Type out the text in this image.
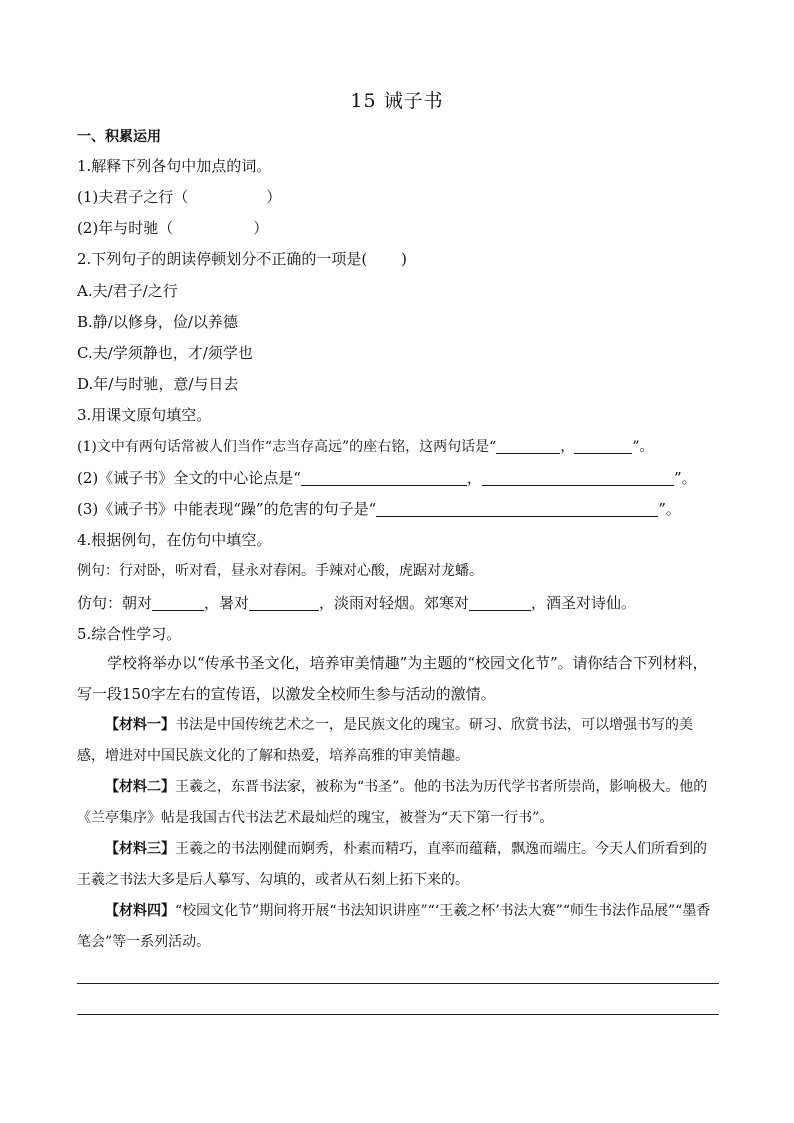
15 诫子书
一、积累运用
1.解释下列各句中加点的词。
(1)夫君子之行（	）
(2)年与时驰（	）
2.下列句子的朗读停顿划分不正确的一项是( )
A.夫/君子/之行
B.静/以修身，俭/以养德
C.夫/学须静也，才/须学也
D.年/与时驰，意/与日去
3.用课文原句填空。
(1)文中有两句话常被人们当作“志当存高远”的座右铭，这两句话是“	，	”。
(2)《诫子书》全文的中心论点是“	，	”。
(3)《诫子书》中能表现“躁”的危害的句子是“	”。
4.根据例句，在仿句中填空。
例句：行对卧，听对看，昼永对春闲。手辣对心酸，虎踞对龙蟠。
仿句：朝对	，暑对	，淡雨对轻烟。郊寒对	，酒圣对诗仙。
5.综合性学习。
学校将举办以“传承书圣文化，培养审美情趣”为主题的“校园文化节”。请你结合下列材料，写一段150字左右的宣传语，以激发全校师生参与活动的激情。
【材料一】书法是中国传统艺术之一，是民族文化的瑰宝。研习、欣赏书法，可以增强书写的美感，增进对中国民族文化的了解和热爱，培养高雅的审美情趣。
【材料二】王羲之，东晋书法家，被称为“书圣”。他的书法为历代学书者所崇尚，影响极大。他的《兰亭集序》帖是我国古代书法艺术最灿烂的瑰宝，被誉为“天下第一行书”。
【材料三】王羲之的书法刚健而婀秀，朴素而精巧，直率而蕴藉，飘逸而端庄。今天人们所看到的王羲之书法大多是后人摹写、勾填的，或者从石刻上拓下来的。
【材料四】“校园文化节”期间将开展“书法知识讲座”“‘王羲之杯’书法大赛”“师生书法作品展”“墨香笔会”等一系列活动。
